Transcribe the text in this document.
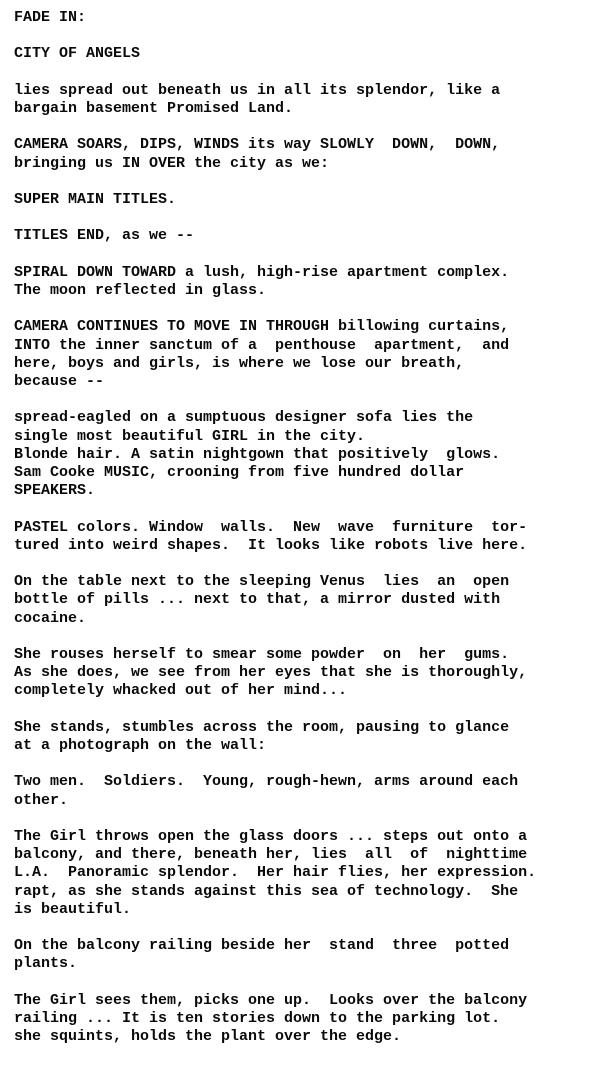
FADE IN:
CITY OF ANGELS
lies spread out beneath us in all its splendor, like a
bargain basement Promised Land.
CAMERA SOARS, DIPS, WINDS its way SLOWLY  DOWN,  DOWN,
bringing us IN OVER the city as we:
SUPER MAIN TITLES.
TITLES END, as we --
SPIRAL DOWN TOWARD a lush, high-rise apartment complex.
The moon reflected in glass.
CAMERA CONTINUES TO MOVE IN THROUGH billowing curtains,
INTO the inner sanctum of a  penthouse  apartment,  and
here, boys and girls, is where we lose our breath,
because --
spread-eagled on a sumptuous designer sofa lies the
single most beautiful GIRL in the city.
Blonde hair. A satin nightgown that positively  glows.
Sam Cooke MUSIC, crooning from five hundred dollar
SPEAKERS.
PASTEL colors. Window  walls.  New  wave  furniture  tor-
tured into weird shapes.  It looks like robots live here.
On the table next to the sleeping Venus  lies  an  open
bottle of pills ... next to that, a mirror dusted with
cocaine.
She rouses herself to smear some powder  on  her  gums.
As she does, we see from her eyes that she is thoroughly,
completely whacked out of her mind...
She stands, stumbles across the room, pausing to glance
at a photograph on the wall:
Two men.  Soldiers.  Young, rough-hewn, arms around each
other.
The Girl throws open the glass doors ... steps out onto a
balcony, and there, beneath her, lies  all  of  nighttime
L.A.  Panoramic splendor.  Her hair flies, her expression.
rapt, as she stands against this sea of technology.  She
is beautiful.
On the balcony railing beside her  stand  three  potted
plants.
The Girl sees them, picks one up.  Looks over the balcony
railing ... It is ten stories down to the parking lot.
she squints, holds the plant over the edge.
